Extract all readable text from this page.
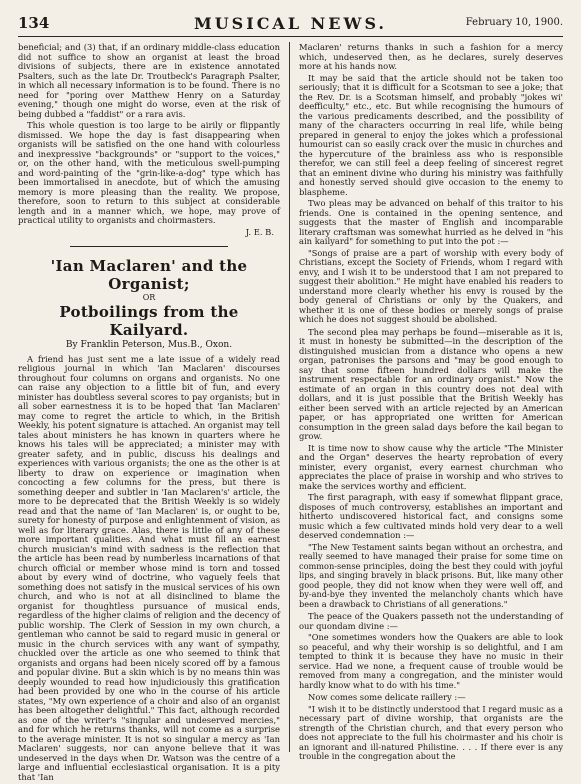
134	MUSICAL NEWS.	February 10, 1900.

beneficial; and (3) that, if an ordinary middle-class education did not suffice to show an organist at least the broad divisions of subjects, there are in existence annotated Psalters, such as the late Dr. Troutbeck's Paragraph Psalter, in which all necessary information is to be found. There is no need for "poring over Matthew Henry on a Saturday evening," though one might do worse, even at the risk of being dubbed a "faddist" or a rara avis.

This whole question is too large to be airily or flippantly dismissed. We hope the day is fast disappearing when organists will be satisfied on the one hand with colourless and inexpressive "backgrounds" or "support to the voices," or, on the other hand, with the meticulous swell-pumping and word-painting of the "grin-like-a-dog" type which has been immortalised in anecdote, but of which the amusing memory is more pleasing than the reality. We propose, therefore, soon to return to this subject at considerable length and in a manner which, we hope, may prove of practical utility to organists and choirmasters.

J. E. B.
'Ian Maclaren' and the Organist;
OR
Potboilings from the Kailyard.
By Franklin Peterson, Mus.B., Oxon.

A friend has just sent me a late issue of a widely read religious journal in which 'Ian Maclaren' discourses throughout four columns on organs and organists. No one can raise any objection to a little bit of fun, and every minister has doubtless several scores to pay organists; but in all sober earnestness it is to be hoped that 'Ian Maclaren' may come to regret the article to which, in the British Weekly, his potent signature is attached. An organist may tell tales about ministers he has known in quarters where he knows his tales will be appreciated; a minister may with greater safety, and in public, discuss his dealings and experiences with various organists; the one as the other is at liberty to draw on experience or imagination when concocting a few columns for the press, but there is something deeper and subtler in 'Ian Maclaren's' article, the more to be deprecated that the British Weekly is so widely read and that the name of 'Ian Maclaren' is, or ought to be, surety for honesty of purpose and enlightenment of vision, as well as for literary grace. Alas, there is little of any of these more important qualities. And what must fill an earnest church musician's mind with sadness is the reflection that the article has been read by numberless incarnations of that church official or member whose mind is torn and tossed about by every wind of doctrine, who vaguely feels that something does not satisfy in the musical services of his own church, and who is not at all disinclined to blame the organist for thoughtless pursuance of musical ends, regardless of the higher claims of religion and the decency of public worship. The Clerk of Session in my own church, a gentleman who cannot be said to regard music in general or music in the church services with any want of sympathy, chuckled over the article as one who seemed to think that organists and organs had been nicely scored off by a famous and popular divine. But a skin which is by no means thin was deeply wounded to read how injudiciously this gratification had been provided by one who in the course of his article states, "My own experience of a choir and also of an organist has been altogether delightful." This fact, although recorded as one of the writer's "singular and undeserved mercies," and for which he returns thanks, will not come as a surprise to the average minister. It is not so singular a mercy as 'Ian Maclaren' suggests, nor can anyone believe that it was undeserved in the days when Dr. Watson was the centre of a large and influential ecclesiastical organisation. It is a pity that 'Ian

Maclaren' returns thanks in such a fashion for a mercy which, undeserved then, as he declares, surely deserves more at his hands now.

It may be said that the article should not be taken too seriously; that it is difficult for a Scotsman to see a joke; that the Rev. Dr. is a Scotsman himself, and probably "jokes wi' deefficulty," etc., etc. But while recognising the humours of the various predicaments described, and the possibility of many of the characters occurring in real life, while being prepared in general to enjoy the jokes which a professional humourist can so easily crack over the music in churches and the hypercuture of the brainless ass who is responsible therefor, we can still feel a deep feeling of sincerest regret that an eminent divine who during his ministry was faithfully and honestly served should give occasion to the enemy to blaspheme.

Two pleas may be advanced on behalf of this traitor to his friends. One is contained in the opening sentence, and suggests that the master of English and incomparable literary craftsman was somewhat hurried as he delved in "his ain kailyard" for something to put into the pot :—

"Songs of praise are a part of worship with every body of Christians, except the Society of Friends, whom I regard with envy, and I wish it to be understood that I am not prepared to suggest their abolition." He might have enabled his readers to understand more clearly whether his envy is roused by the body general of Christians or only by the Quakers, and whether it is one of these bodies or merely songs of praise which he does not suggest should be abolished.

The second plea may perhaps be found—miserable as it is, it must in honesty be submitted—in the description of the distinguished musician from a distance who opens a new organ, patronises the parsons and "may be good enough to say that some fifteen hundred dollars will make the instrument respectable for an ordinary organist." Now the estimate of an organ in this country does not deal with dollars, and it is just possible that the British Weekly has either been served with an article rejected by an American paper, or has appropriated one written for American consumption in the green salad days before the kail began to grow.

It is time now to show cause why the article "The Minister and the Organ" deserves the hearty reprobation of every minister, every organist, every earnest churchman who appreciates the place of praise in worship and who strives to make the services worthy and efficient.

The first paragraph, with easy if somewhat flippant grace, disposes of much controversy, establishes an important and hitherto undiscovered historical fact, and consigns some music which a few cultivated minds hold very dear to a well deserved condemnation :—

"The New Testament saints began without an orchestra, and really seemed to have managed their praise for some time on common-sense principles, doing the best they could with joyful lips, and singing bravely in black prisons. But, like many other good people, they did not know when they were well off, and by-and-bye they invented the melancholy chants which have been a drawback to Christians of all generations."

The peace of the Quakers passeth not the understanding of our quondam divine :—

"One sometimes wonders how the Quakers are able to look so peaceful, and why their worship is so delightful, and I am tempted to think it is because they have no music in their service. Had we none, a frequent cause of trouble would be removed from many a congregation, and the minister would hardly know what to do with his time."

Now comes some delicate raillery :—

"I wish it to be distinctly understood that I regard music as a necessary part of divine worship, that organists are the strength of the Christian church, and that every person who does not appreciate to the full his choirmaster and his choir is an ignorant and ill-natured Philistine. . . . If there ever is any trouble in the congregation about the
